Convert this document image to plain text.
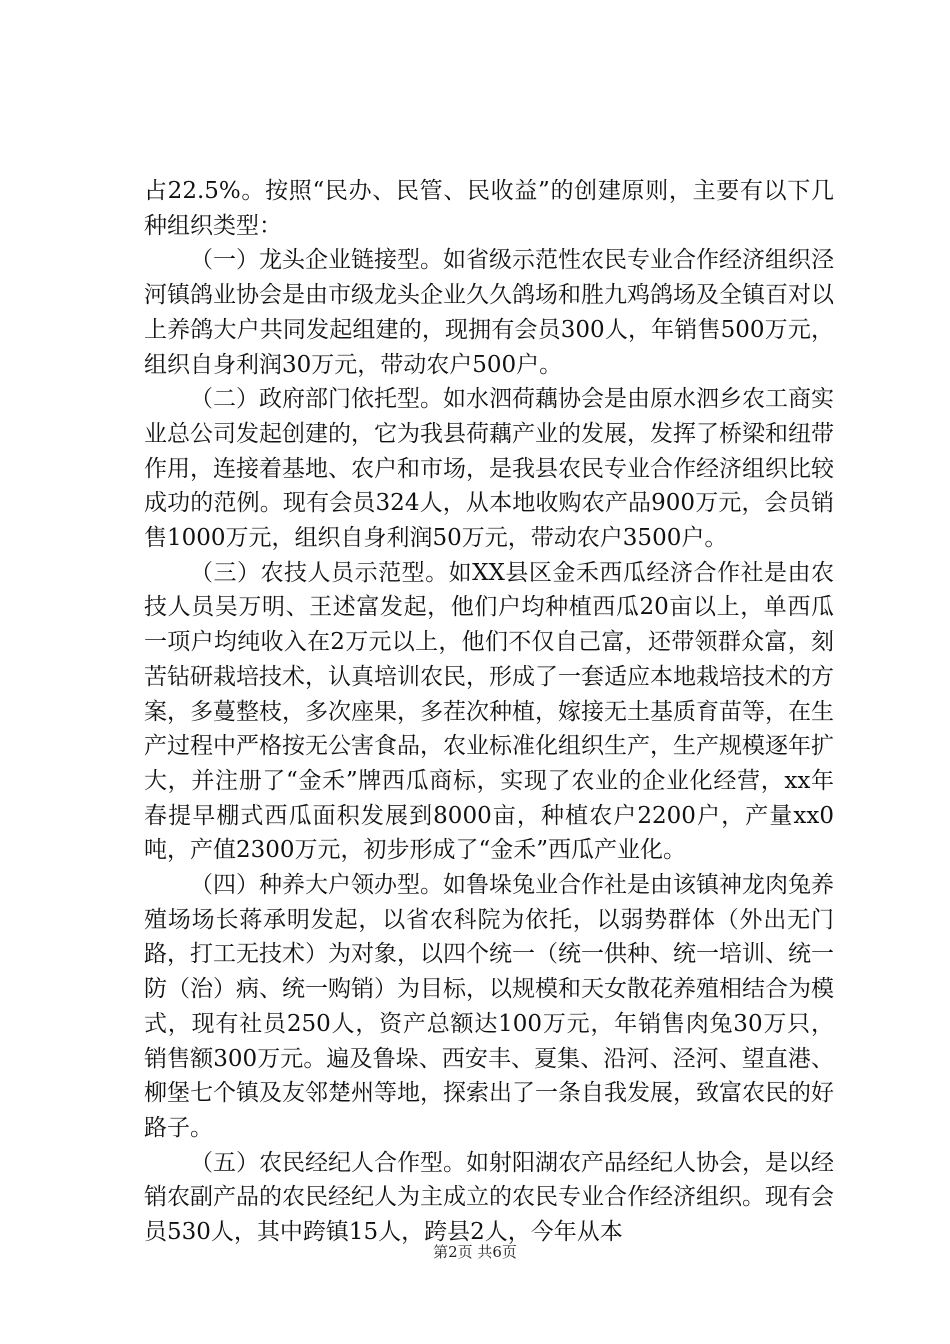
占22.5%。按照“民办、民管、民收益”的创建原则，主要有以下几种组织类型：

（一）龙头企业链接型。如省级示范性农民专业合作经济组织泾河镇鸽业协会是由市级龙头企业久久鸽场和胜九鸡鸽场及全镇百对以上养鸽大户共同发起组建的，现拥有会员300人，年销售500万元，组织自身利润30万元，带动农户500户。

（二）政府部门依托型。如水泗荷藕协会是由原水泗乡农工商实业总公司发起创建的，它为我县荷藕产业的发展，发挥了桥梁和纽带作用，连接着基地、农户和市场，是我县农民专业合作经济组织比较成功的范例。现有会员324人，从本地收购农产品900万元，会员销售1000万元，组织自身利润50万元，带动农户3500户。

（三）农技人员示范型。如XX县区金禾西瓜经济合作社是由农技人员吴万明、王述富发起，他们户均种植西瓜20亩以上，单西瓜一项户均纯收入在2万元以上，他们不仅自己富，还带领群众富，刻苦钻研栽培技术，认真培训农民，形成了一套适应本地栽培技术的方案，多蔓整枝，多次座果，多茬次种植，嫁接无土基质育苗等，在生产过程中严格按无公害食品，农业标准化组织生产，生产规模逐年扩大，并注册了“金禾”牌西瓜商标，实现了农业的企业化经营，xx年春提早棚式西瓜面积发展到8000亩，种植农户2200户，产量xx0吨，产值2300万元，初步形成了“金禾”西瓜产业化。

（四）种养大户领办型。如鲁垛兔业合作社是由该镇神龙肉兔养殖场场长蒋承明发起，以省农科院为依托，以弱势群体（外出无门路，打工无技术）为对象，以四个统一（统一供种、统一培训、统一防（治）病、统一购销）为目标，以规模和天女散花养殖相结合为模式，现有社员250人，资产总额达100万元，年销售肉兔30万只，销售额300万元。遍及鲁垛、西安丰、夏集、沿河、泾河、望直港、柳堡七个镇及友邻楚州等地，探索出了一条自我发展，致富农民的好路子。

（五）农民经纪人合作型。如射阳湖农产品经纪人协会，是以经销农副产品的农民经纪人为主成立的农民专业合作经济组织。现有会员530人，其中跨镇15人，跨县2人，今年从本

第2页 共6页
